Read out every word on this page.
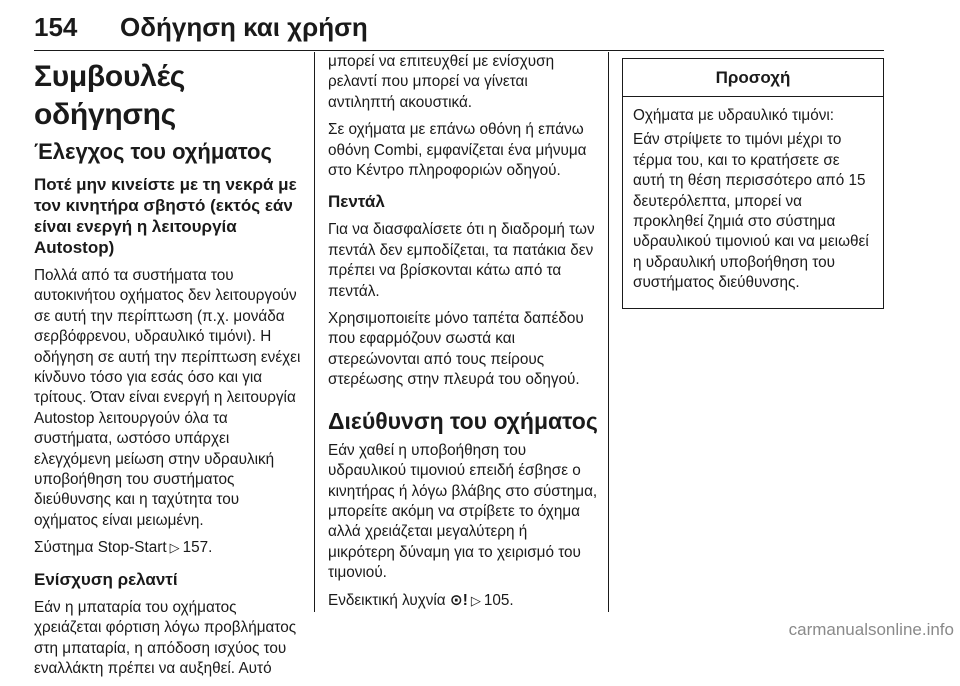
154 Οδήγηση και χρήση
Συμβουλές οδήγησης
Έλεγχος του οχήματος
Ποτέ μην κινείστε με τη νεκρά με τον κινητήρα σβηστό (εκτός εάν είναι ενεργή η λειτουργία Autostop)

Πολλά από τα συστήματα του αυτοκινήτου οχήματος δεν λειτουργούν σε αυτή την περίπτωση (π.χ. μονάδα σερβόφρενου, υδραυλικό τιμόνι). Η οδήγηση σε αυτή την περίπτωση ενέχει κίνδυνο τόσο για εσάς όσο και για τρίτους. Όταν είναι ενεργή η λειτουργία Autostop λειτουργούν όλα τα συστήματα, ωστόσο υπάρχει ελεγχόμενη μείωση στην υδραυλική υποβοήθηση του συστήματος διεύθυνσης και η ταχύτητα του οχήματος είναι μειωμένη.

Σύστημα Stop-Start ▷ 157.

Ενίσχυση ρελαντί

Εάν η μπαταρία του οχήματος χρειάζεται φόρτιση λόγω προβλήματος στη μπαταρία, η απόδοση ισχύος του εναλλάκτη πρέπει να αυξηθεί. Αυτό

μπορεί να επιτευχθεί με ενίσχυση ρελαντί που μπορεί να γίνεται αντιληπτή ακουστικά.

Σε οχήματα με επάνω οθόνη ή επάνω οθόνη Combi, εμφανίζεται ένα μήνυμα στο Κέντρο πληροφοριών οδηγού.

Πεντάλ

Για να διασφαλίσετε ότι η διαδρομή των πεντάλ δεν εμποδίζεται, τα πατάκια δεν πρέπει να βρίσκονται κάτω από τα πεντάλ.

Χρησιμοποιείτε μόνο ταπέτα δαπέδου που εφαρμόζουν σωστά και στερεώνονται από τους πείρους στερέωσης στην πλευρά του οδηγού.

Διεύθυνση του οχήματος

Εάν χαθεί η υποβοήθηση του υδραυλικού τιμονιού επειδή έσβησε ο κινητήρας ή λόγω βλάβης στο σύστημα, μπορείτε ακόμη να στρίβετε το όχημα αλλά χρειάζεται μεγαλύτερη ή μικρότερη δύναμη για το χειρισμό του τιμονιού.

Ενδεικτική λυχνία ⊙! ▷ 105.

Προσοχή

Οχήματα με υδραυλικό τιμόνι:

Εάν στρίψετε το τιμόνι μέχρι το τέρμα του, και το κρατήσετε σε αυτή τη θέση περισσότερο από 15 δευτερόλεπτα, μπορεί να προκληθεί ζημιά στο σύστημα υδραυλικού τιμονιού και να μειωθεί η υδραυλική υποβοήθηση του συστήματος διεύθυνσης.

carmanualsonline.info
